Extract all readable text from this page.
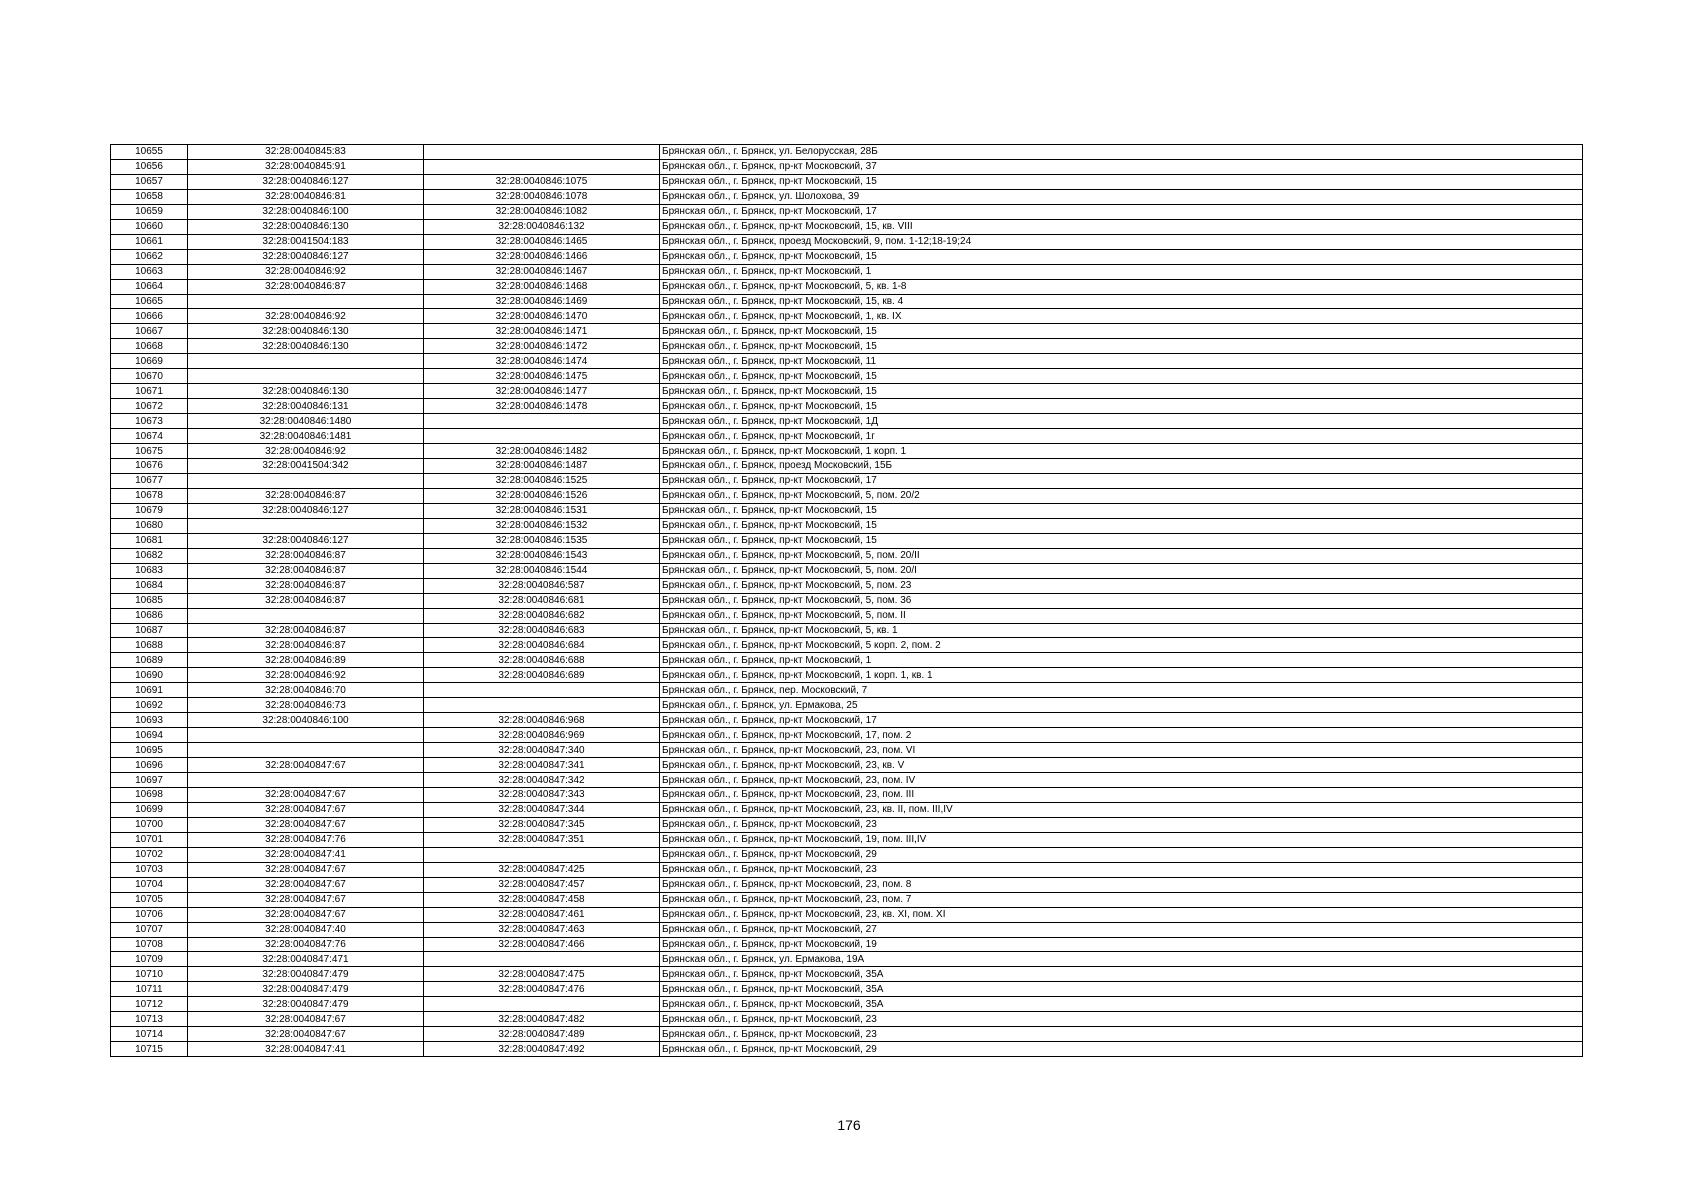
10655	32:28:0040845:83		Брянская обл., г. Брянск, ул. Белорусская, 28Б
10656	32:28:0040845:91		Брянская обл., г. Брянск, пр-кт Московский, 37
10657	32:28:0040846:127	32:28:0040846:1075	Брянская обл., г. Брянск, пр-кт Московский, 15
10658	32:28:0040846:81	32:28:0040846:1078	Брянская обл., г. Брянск, ул. Шолохова, 39
10659	32:28:0040846:100	32:28:0040846:1082	Брянская обл., г. Брянск, пр-кт Московский, 17
10660	32:28:0040846:130	32:28:0040846:132	Брянская обл., г. Брянск, пр-кт Московский, 15, кв. VIII
10661	32:28:0041504:183	32:28:0040846:1465	Брянская обл., г. Брянск, проезд Московский, 9, пом. 1-12;18-19;24
10662	32:28:0040846:127	32:28:0040846:1466	Брянская обл., г. Брянск, пр-кт Московский, 15
10663	32:28:0040846:92	32:28:0040846:1467	Брянская обл., г. Брянск, пр-кт Московский, 1
10664	32:28:0040846:87	32:28:0040846:1468	Брянская обл., г. Брянск, пр-кт Московский, 5, кв. 1-8
10665		32:28:0040846:1469	Брянская обл., г. Брянск, пр-кт Московский, 15, кв. 4
10666	32:28:0040846:92	32:28:0040846:1470	Брянская обл., г. Брянск, пр-кт Московский, 1, кв. IX
10667	32:28:0040846:130	32:28:0040846:1471	Брянская обл., г. Брянск, пр-кт Московский, 15
10668	32:28:0040846:130	32:28:0040846:1472	Брянская обл., г. Брянск, пр-кт Московский, 15
10669		32:28:0040846:1474	Брянская обл., г. Брянск, пр-кт Московский, 11
10670		32:28:0040846:1475	Брянская обл., г. Брянск, пр-кт Московский, 15
10671	32:28:0040846:130	32:28:0040846:1477	Брянская обл., г. Брянск, пр-кт Московский, 15
10672	32:28:0040846:131	32:28:0040846:1478	Брянская обл., г. Брянск, пр-кт Московский, 15
10673	32:28:0040846:1480		Брянская обл., г. Брянск, пр-кт Московский, 1Д
10674	32:28:0040846:1481		Брянская обл., г. Брянск, пр-кт Московский, 1г
10675	32:28:0040846:92	32:28:0040846:1482	Брянская обл., г. Брянск, пр-кт Московский, 1 корп. 1
10676	32:28:0041504:342	32:28:0040846:1487	Брянская обл., г. Брянск, проезд Московский, 15Б
10677		32:28:0040846:1525	Брянская обл., г. Брянск, пр-кт Московский, 17
10678	32:28:0040846:87	32:28:0040846:1526	Брянская обл., г. Брянск, пр-кт Московский, 5, пом. 20/2
10679	32:28:0040846:127	32:28:0040846:1531	Брянская обл., г. Брянск, пр-кт Московский, 15
10680		32:28:0040846:1532	Брянская обл., г. Брянск, пр-кт Московский, 15
10681	32:28:0040846:127	32:28:0040846:1535	Брянская обл., г. Брянск, пр-кт Московский, 15
10682	32:28:0040846:87	32:28:0040846:1543	Брянская обл., г. Брянск, пр-кт Московский, 5, пом. 20/II
10683	32:28:0040846:87	32:28:0040846:1544	Брянская обл., г. Брянск, пр-кт Московский, 5, пом. 20/I
10684	32:28:0040846:87	32:28:0040846:587	Брянская обл., г. Брянск, пр-кт Московский, 5, пом. 23
10685	32:28:0040846:87	32:28:0040846:681	Брянская обл., г. Брянск, пр-кт Московский, 5, пом. 36
10686		32:28:0040846:682	Брянская обл., г. Брянск, пр-кт Московский, 5, пом. II
10687	32:28:0040846:87	32:28:0040846:683	Брянская обл., г. Брянск, пр-кт Московский, 5, кв. 1
10688	32:28:0040846:87	32:28:0040846:684	Брянская обл., г. Брянск, пр-кт Московский, 5 корп. 2, пом. 2
10689	32:28:0040846:89	32:28:0040846:688	Брянская обл., г. Брянск, пр-кт Московский, 1
10690	32:28:0040846:92	32:28:0040846:689	Брянская обл., г. Брянск, пр-кт Московский, 1 корп. 1, кв. 1
10691	32:28:0040846:70		Брянская обл., г. Брянск, пер. Московский, 7
10692	32:28:0040846:73		Брянская обл., г. Брянск, ул. Ермакова, 25
10693	32:28:0040846:100	32:28:0040846:968	Брянская обл., г. Брянск, пр-кт Московский, 17
10694		32:28:0040846:969	Брянская обл., г. Брянск, пр-кт Московский, 17, пом. 2
10695		32:28:0040847:340	Брянская обл., г. Брянск, пр-кт Московский, 23, пом. VI
10696	32:28:0040847:67	32:28:0040847:341	Брянская обл., г. Брянск, пр-кт Московский, 23, кв. V
10697		32:28:0040847:342	Брянская обл., г. Брянск, пр-кт Московский, 23, пом. IV
10698	32:28:0040847:67	32:28:0040847:343	Брянская обл., г. Брянск, пр-кт Московский, 23, пом. III
10699	32:28:0040847:67	32:28:0040847:344	Брянская обл., г. Брянск, пр-кт Московский, 23, кв. II, пом. III,IV
10700	32:28:0040847:67	32:28:0040847:345	Брянская обл., г. Брянск, пр-кт Московский, 23
10701	32:28:0040847:76	32:28:0040847:351	Брянская обл., г. Брянск, пр-кт Московский, 19, пом. III,IV
10702	32:28:0040847:41		Брянская обл., г. Брянск, пр-кт Московский, 29
10703	32:28:0040847:67	32:28:0040847:425	Брянская обл., г. Брянск, пр-кт Московский, 23
10704	32:28:0040847:67	32:28:0040847:457	Брянская обл., г. Брянск, пр-кт Московский, 23, пом. 8
10705	32:28:0040847:67	32:28:0040847:458	Брянская обл., г. Брянск, пр-кт Московский, 23, пом. 7
10706	32:28:0040847:67	32:28:0040847:461	Брянская обл., г. Брянск, пр-кт Московский, 23, кв. XI, пом. XI
10707	32:28:0040847:40	32:28:0040847:463	Брянская обл., г. Брянск, пр-кт Московский, 27
10708	32:28:0040847:76	32:28:0040847:466	Брянская обл., г. Брянск, пр-кт Московский, 19
10709	32:28:0040847:471		Брянская обл., г. Брянск, ул. Ермакова, 19А
10710	32:28:0040847:479	32:28:0040847:475	Брянская обл., г. Брянск, пр-кт Московский, 35А
10711	32:28:0040847:479	32:28:0040847:476	Брянская обл., г. Брянск, пр-кт Московский, 35А
10712	32:28:0040847:479		Брянская обл., г. Брянск, пр-кт Московский, 35А
10713	32:28:0040847:67	32:28:0040847:482	Брянская обл., г. Брянск, пр-кт Московский, 23
10714	32:28:0040847:67	32:28:0040847:489	Брянская обл., г. Брянск, пр-кт Московский, 23
10715	32:28:0040847:41	32:28:0040847:492	Брянская обл., г. Брянск, пр-кт Московский, 29
176
